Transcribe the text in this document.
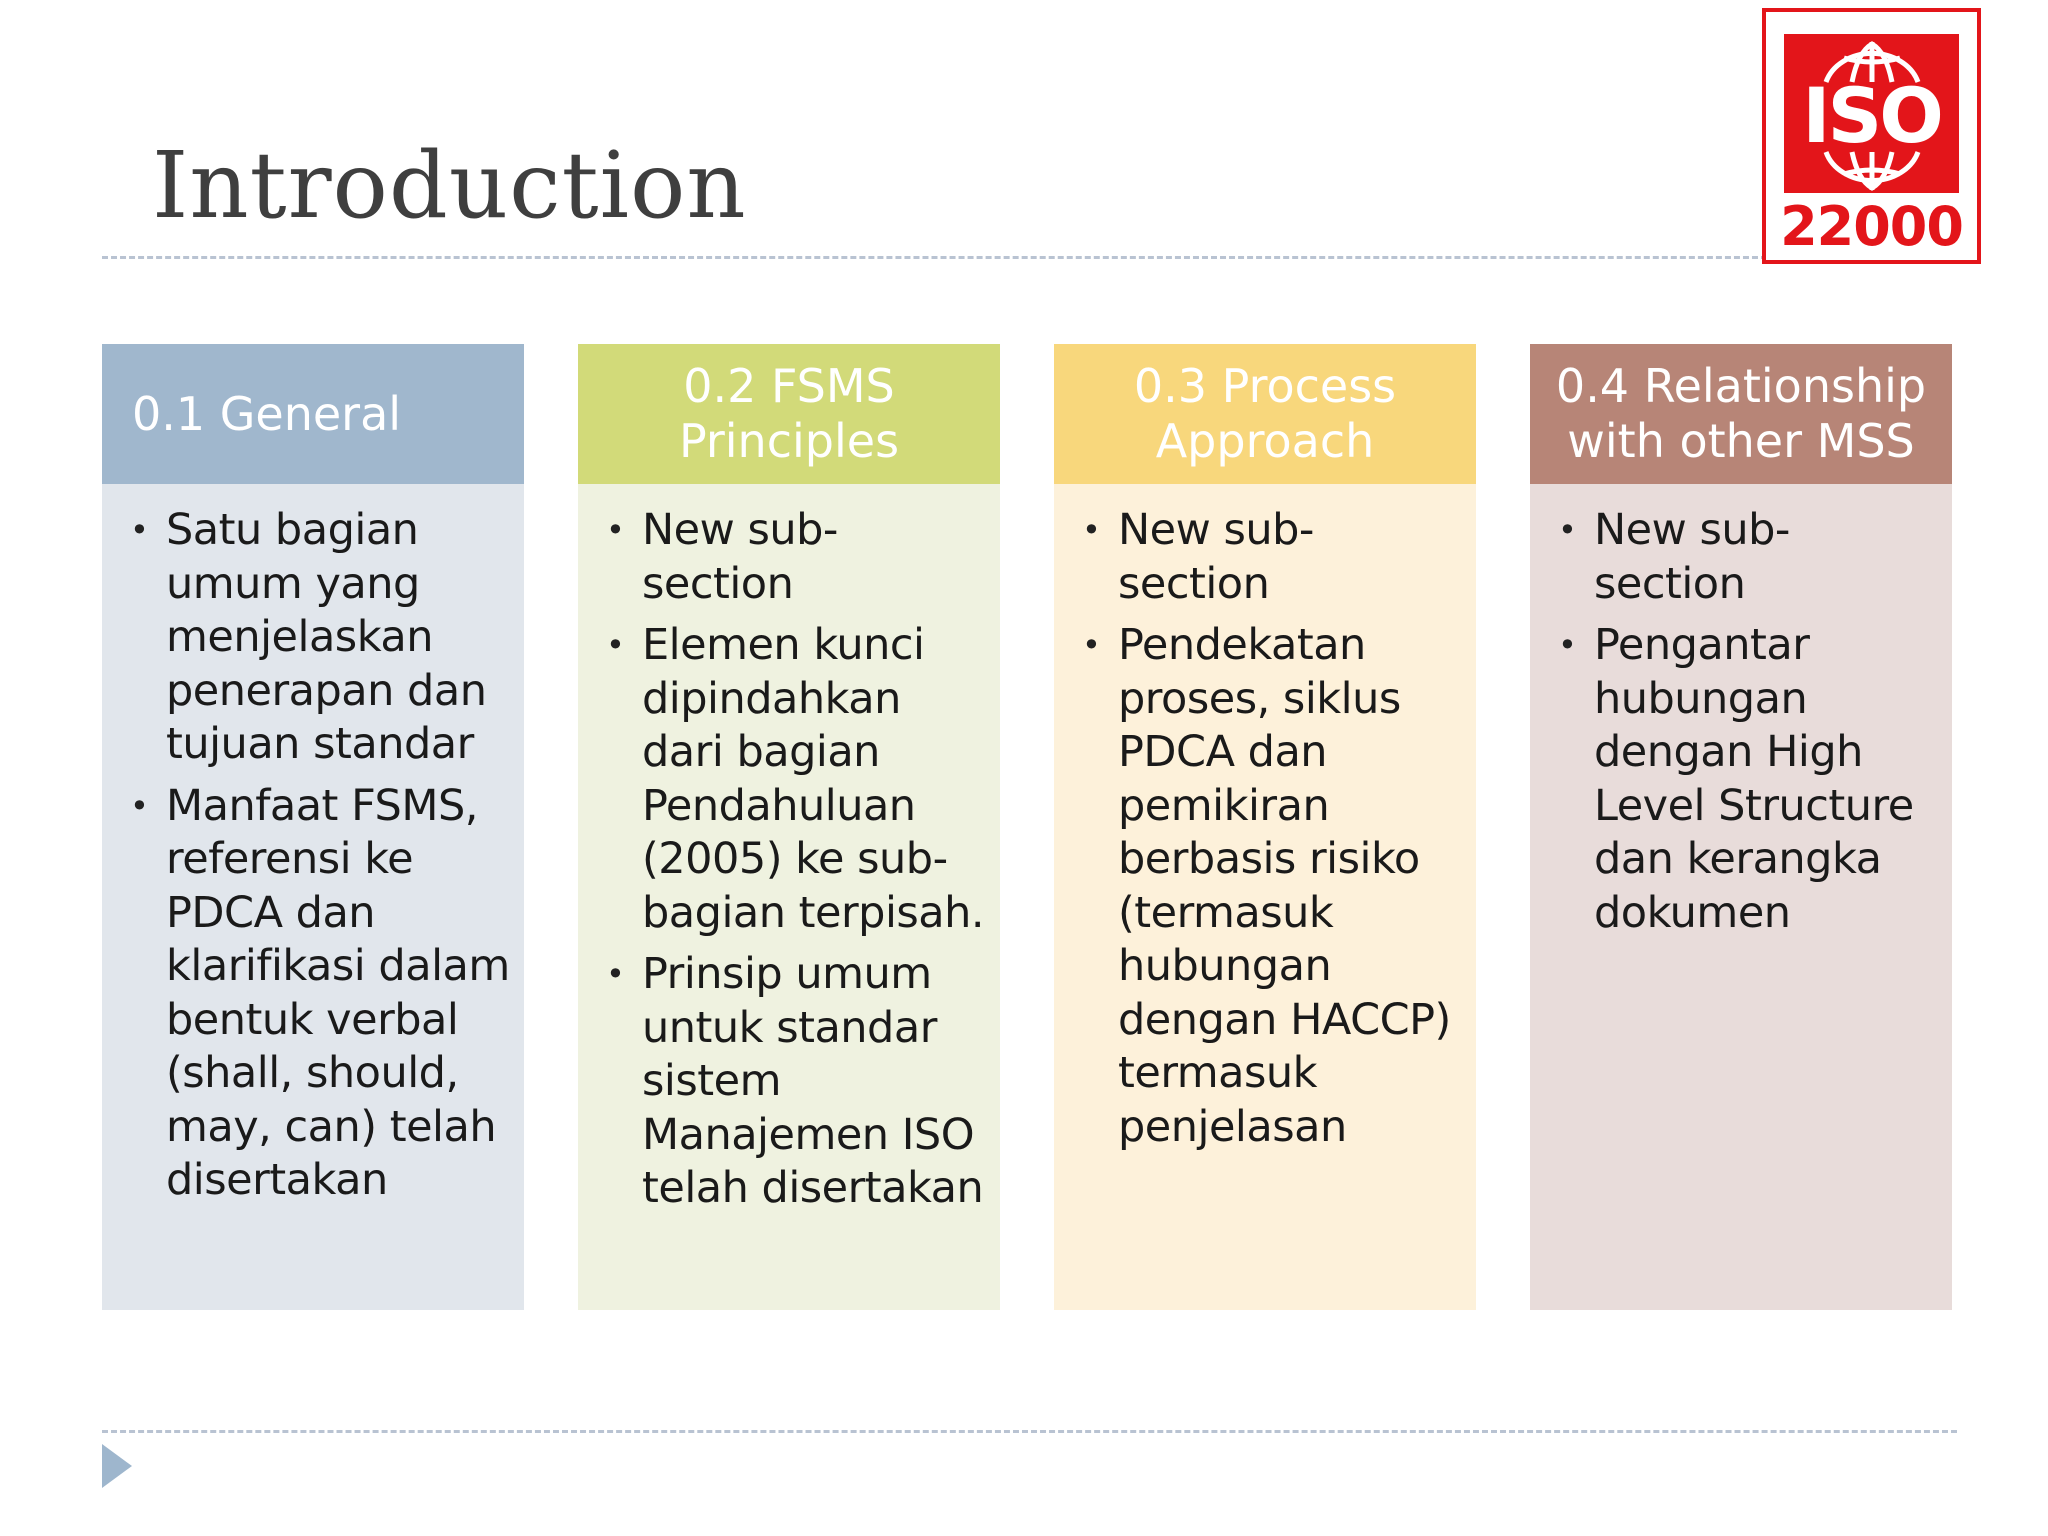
Introduction
ISO
22000
0.1 General
• Satu bagian umum yang menjelaskan penerapan dan tujuan standar
• Manfaat FSMS, referensi ke PDCA dan klarifikasi dalam bentuk verbal (shall, should, may, can) telah disertakan
0.2 FSMS Principles
• New sub-section
• Elemen kunci dipindahkan dari bagian Pendahuluan (2005) ke sub-bagian terpisah.
• Prinsip umum untuk standar sistem Manajemen ISO telah disertakan
0.3 Process Approach
• New sub-section
• Pendekatan proses, siklus PDCA dan pemikiran berbasis risiko (termasuk hubungan dengan HACCP) termasuk penjelasan
0.4 Relationship with other MSS
• New sub-section
• Pengantar hubungan dengan High Level Structure dan kerangka dokumen
